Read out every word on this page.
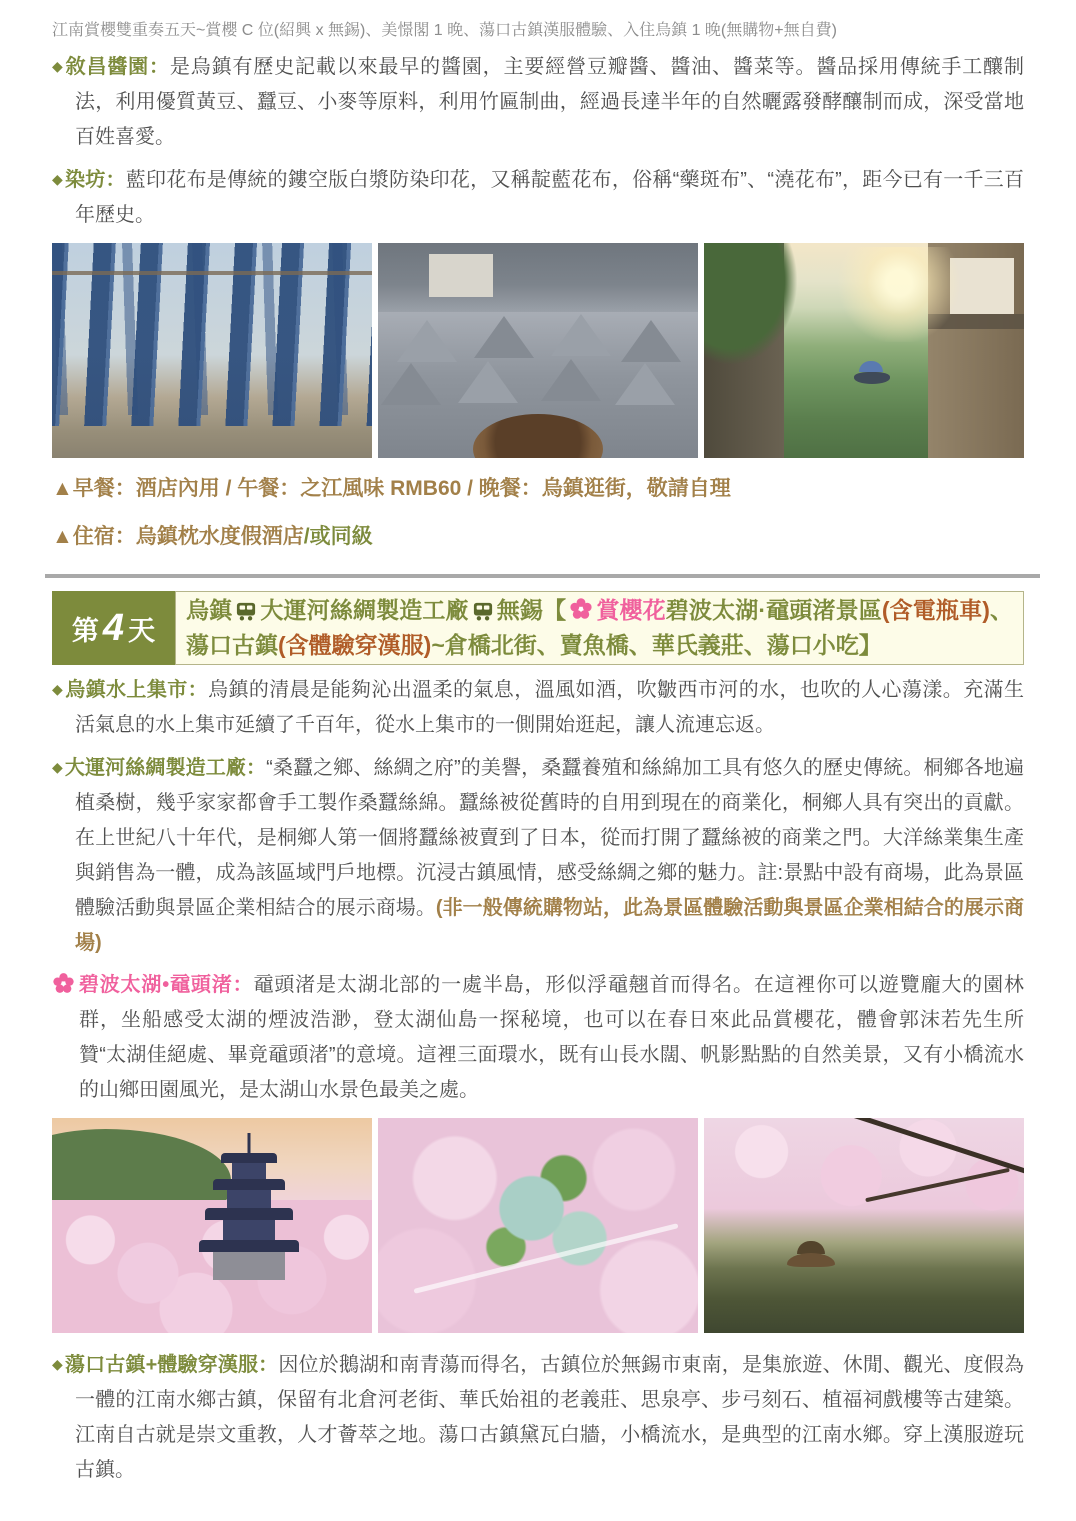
江南賞櫻雙重奏五天~賞櫻 C 位(紹興 x 無錫)、美憬閣 1 晚、蕩口古鎮漢服體驗、入住烏鎮 1 晚(無購物+無自費)

◆ 敘昌醬園：是烏鎮有歷史記載以來最早的醬園，主要經營豆瓣醬、醬油、醬菜等。醬品採用傳統手工釀制法，利用優質黃豆、蠶豆、小麥等原料，利用竹匾制曲，經過長達半年的自然曬露發酵釀制而成，深受當地百姓喜愛。

◆ 染坊：藍印花布是傳統的鏤空版白漿防染印花，又稱靛藍花布，俗稱“藥斑布”、“澆花布”，距今已有一千三百年歷史。

▲早餐：酒店內用 / 午餐：之江風味 RMB60 / 晚餐：烏鎮逛街，敬請自理

▲住宿：烏鎮枕水度假酒店/或同級

第 4 天
烏鎮 大運河絲綢製造工廠 無錫【 賞櫻花碧波太湖·黿頭渚景區(含電瓶車)、蕩口古鎮(含體驗穿漢服)~倉橋北街、賣魚橋、華氏義莊、蕩口小吃】

◆ 烏鎮水上集市：烏鎮的清晨是能夠沁出溫柔的氣息，溫風如酒，吹皺西市河的水，也吹的人心蕩漾。充滿生活氣息的水上集市延續了千百年，從水上集市的一側開始逛起，讓人流連忘返。

◆ 大運河絲綢製造工廠：“桑蠶之鄉、絲綢之府”的美譽，桑蠶養殖和絲綿加工具有悠久的歷史傳統。桐鄉各地遍植桑樹，幾乎家家都會手工製作桑蠶絲綿。蠶絲被從舊時的自用到現在的商業化，桐鄉人具有突出的貢獻。在上世紀八十年代，是桐鄉人第一個將蠶絲被賣到了日本，從而打開了蠶絲被的商業之門。大洋絲業集生產與銷售為一體，成為該區域門戶地標。沉浸古鎮風情，感受絲綢之鄉的魅力。註:景點中設有商場，此為景區體驗活動與景區企業相結合的展示商場。(非一般傳統購物站，此為景區體驗活動與景區企業相結合的展示商場)

碧波太湖•黿頭渚：黿頭渚是太湖北部的一處半島，形似浮黿翹首而得名。在這裡你可以遊覽龐大的園林群，坐船感受太湖的煙波浩渺，登太湖仙島一探秘境，也可以在春日來此品賞櫻花，體會郭沫若先生所贊“太湖佳絕處、畢竟黿頭渚”的意境。這裡三面環水，既有山長水闊、帆影點點的自然美景，又有小橋流水的山鄉田園風光，是太湖山水景色最美之處。

◆ 蕩口古鎮+體驗穿漢服：因位於鵝湖和南青蕩而得名，古鎮位於無錫市東南，是集旅遊、休閒、觀光、度假為一體的江南水鄉古鎮，保留有北倉河老街、華氏始祖的老義莊、思泉亭、步弓刻石、植福祠戲樓等古建築。江南自古就是崇文重教，人才薈萃之地。蕩口古鎮黛瓦白牆，小橋流水，是典型的江南水鄉。穿上漢服遊玩古鎮。
